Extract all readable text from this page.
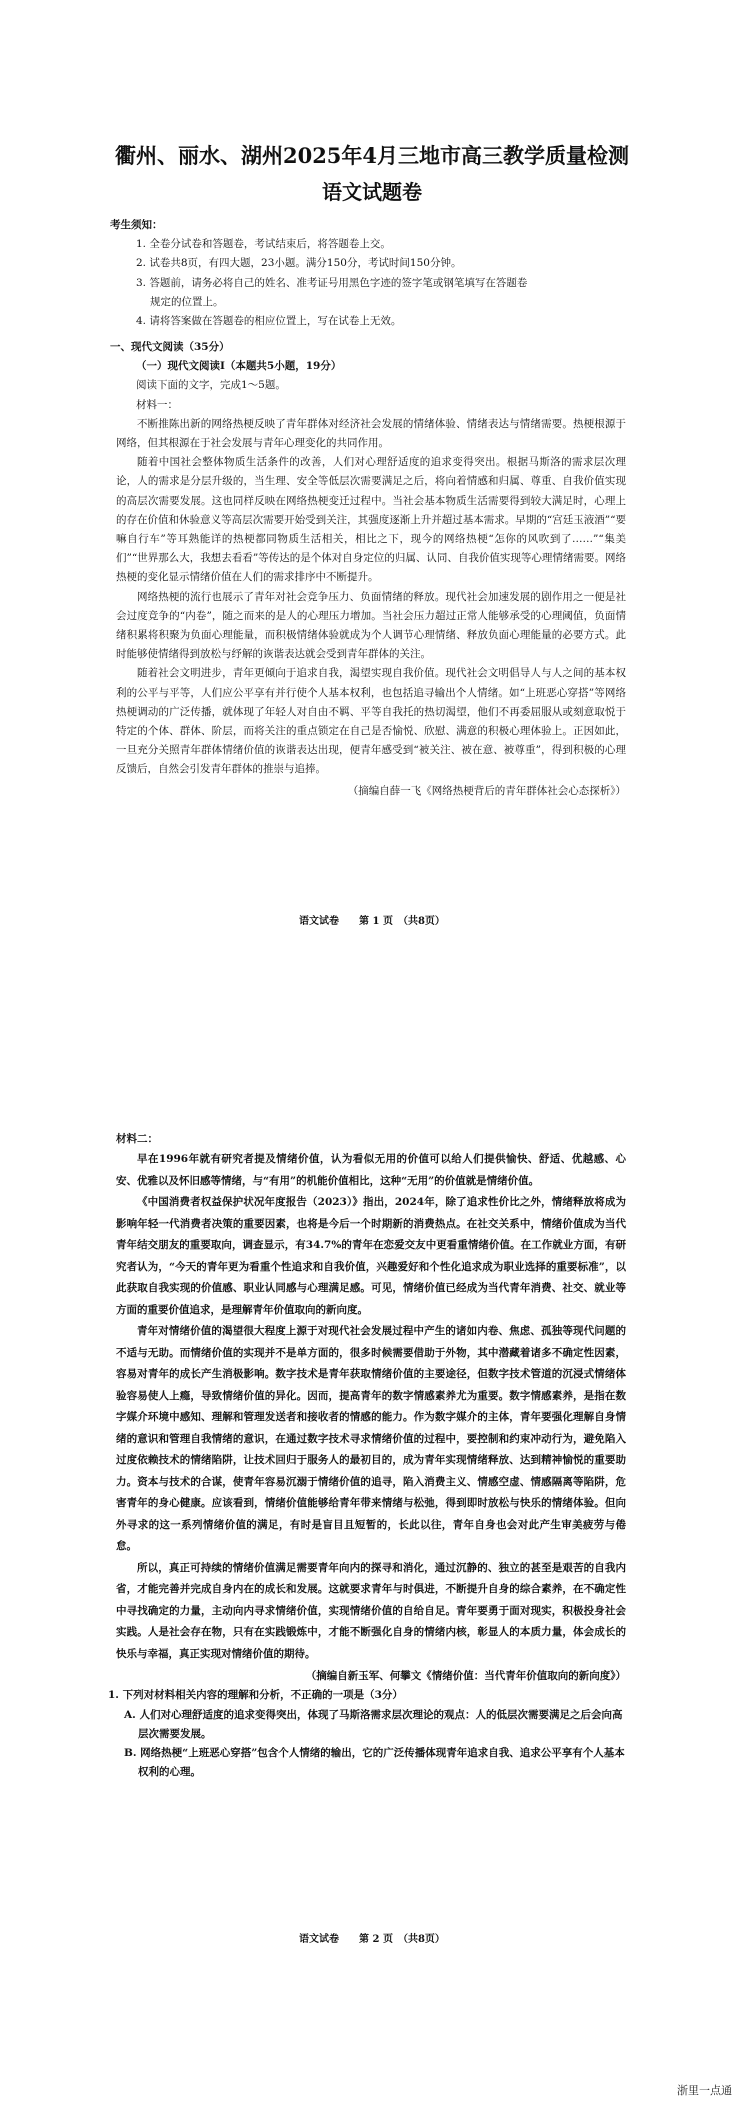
衢州、丽水、湖州2025年4月三地市高三教学质量检测
语文试题卷

考生须知：

1. 全卷分试卷和答题卷，考试结束后，将答题卷上交。

2. 试卷共8页，有四大题，23小题。满分150分，考试时间150分钟。

3. 答题前，请务必将自己的姓名、准考证号用黑色字迹的签字笔或钢笔填写在答题卷

规定的位置上。

4. 请将答案做在答题卷的相应位置上，写在试卷上无效。

一、现代文阅读（35分）

（一）现代文阅读Ⅰ（本题共5小题，19分）

阅读下面的文字，完成1～5题。

材料一：

不断推陈出新的网络热梗反映了青年群体对经济社会发展的情绪体验、情绪表达与情绪需要。热梗根源于网络，但其根源在于社会发展与青年心理变化的共同作用。

随着中国社会整体物质生活条件的改善，人们对心理舒适度的追求变得突出。根据马斯洛的需求层次理论，人的需求是分层升级的，当生理、安全等低层次需要满足之后，将向着情感和归属、尊重、自我价值实现的高层次需要发展。这也同样反映在网络热梗变迁过程中。当社会基本物质生活需要得到较大满足时，心理上的存在价值和休验意义等高层次需要开始受到关注，其强度逐渐上升并超过基本需求。早期的“宫廷玉液酒”“要嘛自行车”等耳熟能详的热梗都同物质生活相关，相比之下，现今的网络热梗“怎你的风吹到了……”“集美们”“世界那么大，我想去看看”等传达的是个体对自身定位的归属、认同、自我价值实现等心理情绪需要。网络热梗的变化显示情绪价值在人们的需求排序中不断提升。

网络热梗的流行也展示了青年对社会竞争压力、负面情绪的释放。现代社会加速发展的剧作用之一便是社会过度竞争的“内卷”，随之而来的是人的心理压力增加。当社会压力超过正常人能够承受的心理阈值，负面情绪积累将积聚为负面心理能量，而积极情绪体验就成为个人调节心理情绪、释放负面心理能量的必要方式。此时能够使情绪得到放松与纾解的诙谐表达就会受到青年群体的关注。

随着社会文明进步，青年更倾向于追求自我，渴望实现自我价值。现代社会文明倡导人与人之间的基本权利的公平与平等，人们应公平享有并行使个人基本权利，也包括追寻输出个人情绪。如“上班恶心穿搭”等网络热梗调动的广泛传播，就体现了年轻人对自由不羁、平等自我托的热切渴望，他们不再委屈服从或刻意取悦于特定的个体、群体、阶层，而将关注的重点锁定在自己是否愉悦、欣慰、满意的积极心理体验上。正因如此，一旦充分关照青年群体情绪价值的诙谐表达出现，便青年感受到“被关注、被在意、被尊重”，得到积极的心理反馈后，自然会引发青年群体的推崇与追捧。

（摘编自薛一飞《网络热梗背后的青年群体社会心态探析》）

语文试卷　　第 1 页　（共8页）

材料二：

早在1996年就有研究者提及情绪价值，认为看似无用的价值可以给人们提供愉快、舒适、优越感、心安、优雅以及怀旧感等情绪，与“有用”的机能价值相比，这种“无用”的价值就是情绪价值。

《中国消费者权益保护状况年度报告（2023）》指出，2024年，除了追求性价比之外，情绪释放将成为影响年轻一代消费者决策的重要因素，也将是今后一个时期新的消费热点。在社交关系中，情绪价值成为当代青年结交朋友的重要取向，调查显示，有34.7%的青年在恋爱交友中更看重情绪价值。在工作就业方面，有研究者认为，“今天的青年更为看重个性追求和自我价值，兴趣爱好和个性化追求成为职业选择的重要标准”，以此获取自我实现的价值感、职业认同感与心理满足感。可见，情绪价值已经成为当代青年消费、社交、就业等方面的重要价值追求，是理解青年价值取向的新向度。

青年对情绪价值的渴望很大程度上源于对现代社会发展过程中产生的诸如内卷、焦虑、孤独等现代问题的不适与无助。而情绪价值的实现并不是单方面的，很多时候需要借助于外物，其中潜藏着诸多不确定性因素，容易对青年的成长产生消极影响。数字技术是青年获取情绪价值的主要途径，但数字技术管道的沉浸式情绪体验容易使人上瘾，导致情绪价值的异化。因而，提高青年的数字情感素养尤为重要。数字情感素养，是指在数字媒介环境中感知、理解和管理发送者和接收者的情感的能力。作为数字媒介的主体，青年要强化理解自身情绪的意识和管理自我情绪的意识，在通过数字技术寻求情绪价值的过程中，要控制和约束冲动行为，避免陷入过度依赖技术的情绪陷阱，让技术回归于服务人的最初目的，成为青年实现情绪释放、达到精神愉悦的重要助力。资本与技术的合谋，使青年容易沉溺于情绪价值的追寻，陷入消费主义、情感空虚、情感隔离等陷阱，危害青年的身心健康。应该看到，情绪价值能够给青年带来情绪与松弛，得到即时放松与快乐的情绪体验。但向外寻求的这一系列情绪价值的满足，有时是盲目且短暂的，长此以往，青年自身也会对此产生审美疲劳与倦怠。

所以，真正可持续的情绪价值满足需要青年向内的探寻和消化，通过沉静的、独立的甚至是艰苦的自我内省，才能完善并完成自身内在的成长和发展。这就要求青年与时俱进，不断提升自身的综合素养，在不确定性中寻找确定的力量，主动向内寻求情绪价值，实现情绪价值的自给自足。青年要勇于面对现实，积极投身社会实践。人是社会存在物，只有在实践锻炼中，才能不断强化自身的情绪内核，彰显人的本质力量，体会成长的快乐与幸福，真正实现对情绪价值的期待。

（摘编自新玉军、何攀文《情绪价值：当代青年价值取向的新向度》）

1. 下列对材料相关内容的理解和分析，不正确的一项是（3分）

A. 人们对心理舒适度的追求变得突出，体现了马斯洛需求层次理论的观点：人的低层次需要满足之后会向高层次需要发展。

B. 网络热梗“上班恶心穿搭”包含个人情绪的输出，它的广泛传播体现青年追求自我、追求公平享有个人基本权利的心理。

语文试卷　　第 2 页　（共8页）
浙里一点通
